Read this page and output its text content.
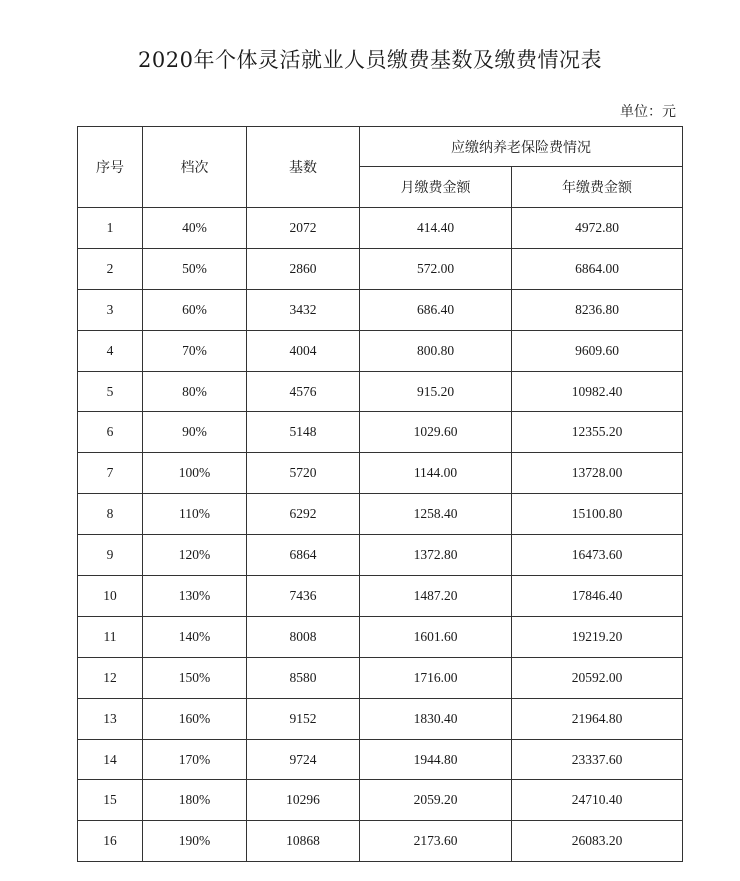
2020年个体灵活就业人员缴费基数及缴费情况表
单位：元
序号	档次	基数	应缴纳养老保险费情况	
			月缴费金额	年缴费金额
1	40%	2072	414.40	4972.80
2	50%	2860	572.00	6864.00
3	60%	3432	686.40	8236.80
4	70%	4004	800.80	9609.60
5	80%	4576	915.20	10982.40
6	90%	5148	1029.60	12355.20
7	100%	5720	1144.00	13728.00
8	110%	6292	1258.40	15100.80
9	120%	6864	1372.80	16473.60
10	130%	7436	1487.20	17846.40
11	140%	8008	1601.60	19219.20
12	150%	8580	1716.00	20592.00
13	160%	9152	1830.40	21964.80
14	170%	9724	1944.80	23337.60
15	180%	10296	2059.20	24710.40
16	190%	10868	2173.60	26083.20
